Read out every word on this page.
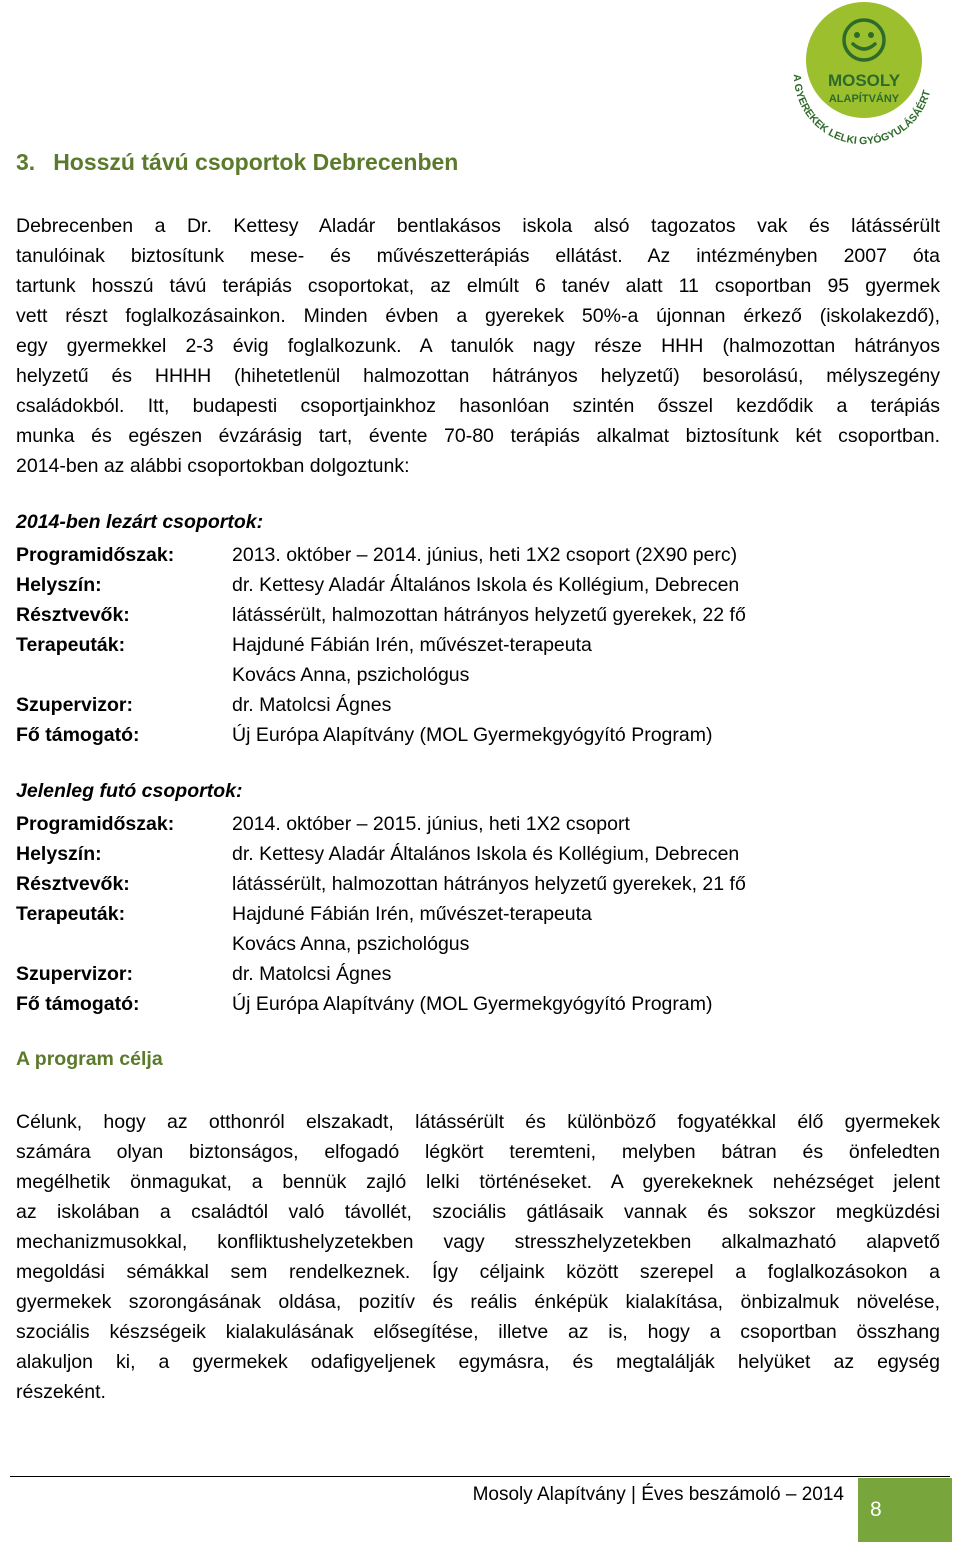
MOSOLY
ALAPÍTVÁNY
A GYEREKEK LELKI GYÓGYULÁSÁÉRT
3. Hosszú távú csoportok Debrecenben
Debrecenben a Dr. Kettesy Aladár bentlakásos iskola alsó tagozatos vak és látássérült
tanulóinak biztosítunk mese- és művészetterápiás ellátást. Az intézményben 2007 óta
tartunk hosszú távú terápiás csoportokat, az elmúlt 6 tanév alatt 11 csoportban 95 gyermek
vett részt foglalkozásainkon. Minden évben a gyerekek 50%-a újonnan érkező (iskolakezdő),
egy gyermekkel 2-3 évig foglalkozunk. A tanulók nagy része HHH (halmozottan hátrányos
helyzetű és HHHH (hihetetlenül halmozottan hátrányos helyzetű) besorolású, mélyszegény
családokból. Itt, budapesti csoportjainkhoz hasonlóan szintén ősszel kezdődik a terápiás
munka és egészen évzárásig tart, évente 70-80 terápiás alkalmat biztosítunk két csoportban.
2014-ben az alábbi csoportokban dolgoztunk:
2014-ben lezárt csoportok:
Programidőszak:	2013. október – 2014. június, heti 1X2 csoport (2X90 perc)
Helyszín:	dr. Kettesy Aladár Általános Iskola és Kollégium, Debrecen
Résztvevők:	látássérült, halmozottan hátrányos helyzetű gyerekek, 22 fő
Terapeuták:	Hajduné Fábián Irén, művészet-terapeuta
Kovács Anna, pszichológus
Szupervizor:	dr. Matolcsi Ágnes
Fő támogató:	Új Európa Alapítvány (MOL Gyermekgyógyító Program)
Jelenleg futó csoportok:
Programidőszak:	2014. október – 2015. június, heti 1X2 csoport
Helyszín:	dr. Kettesy Aladár Általános Iskola és Kollégium, Debrecen
Résztvevők:	látássérült, halmozottan hátrányos helyzetű gyerekek, 21 fő
Terapeuták:	Hajduné Fábián Irén, művészet-terapeuta
Kovács Anna, pszichológus
Szupervizor:	dr. Matolcsi Ágnes
Fő támogató:	Új Európa Alapítvány (MOL Gyermekgyógyító Program)
A program célja
Célunk, hogy az otthonról elszakadt, látássérült és különböző fogyatékkal élő gyermekek
számára olyan biztonságos, elfogadó légkört teremteni, melyben bátran és önfeledten
megélhetik önmagukat, a bennük zajló lelki történéseket. A gyerekeknek nehézséget jelent
az iskolában a családtól való távollét, szociális gátlásaik vannak és sokszor megküzdési
mechanizmusokkal, konfliktushelyzetekben vagy stresszhelyzetekben alkalmazható alapvető
megoldási sémákkal sem rendelkeznek. Így céljaink között szerepel a foglalkozásokon a
gyermekek szorongásának oldása, pozitív és reális énképük kialakítása, önbizalmuk növelése,
szociális készségeik kialakulásának elősegítése, illetve az is, hogy a csoportban összhang
alakuljon ki, a gyermekek odafigyeljenek egymásra, és megtalálják helyüket az egység
részeként.
Mosoly Alapítvány | Éves beszámoló – 2014
8
